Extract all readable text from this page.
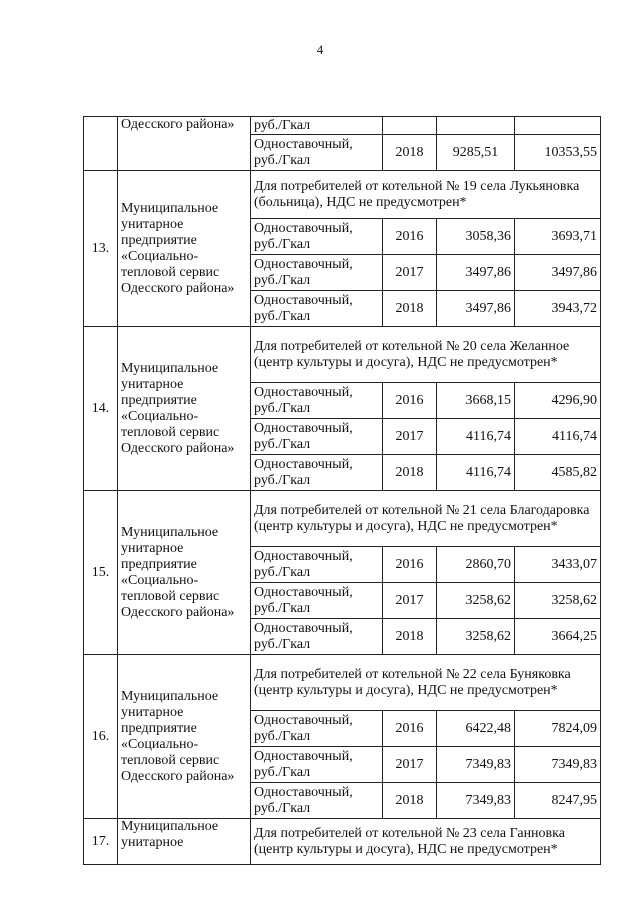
4
	Одесского района»	руб./Гкал			
		Одноставочный, руб./Гкал	2018	9285,51	10353,55
13.	Муниципальное унитарное предприятие «Социально-тепловой сервис Одесского района»	Для потребителей от котельной № 19 села Лукьяновка (больница), НДС не предусмотрен*			
		Одноставочный, руб./Гкал	2016	3058,36	3693,71
		Одноставочный, руб./Гкал	2017	3497,86	3497,86
		Одноставочный, руб./Гкал	2018	3497,86	3943,72
14.	Муниципальное унитарное предприятие «Социально-тепловой сервис Одесского района»	Для потребителей от котельной № 20 села Желанное (центр культуры и досуга), НДС не предусмотрен*			
		Одноставочный, руб./Гкал	2016	3668,15	4296,90
		Одноставочный, руб./Гкал	2017	4116,74	4116,74
		Одноставочный, руб./Гкал	2018	4116,74	4585,82
15.	Муниципальное унитарное предприятие «Социально-тепловой сервис Одесского района»	Для потребителей от котельной № 21 села Благодаровка (центр культуры и досуга), НДС не предусмотрен*			
		Одноставочный, руб./Гкал	2016	2860,70	3433,07
		Одноставочный, руб./Гкал	2017	3258,62	3258,62
		Одноставочный, руб./Гкал	2018	3258,62	3664,25
16.	Муниципальное унитарное предприятие «Социально-тепловой сервис Одесского района»	Для потребителей от котельной № 22 села Буняковка (центр культуры и досуга), НДС не предусмотрен*			
		Одноставочный, руб./Гкал	2016	6422,48	7824,09
		Одноставочный, руб./Гкал	2017	7349,83	7349,83
		Одноставочный, руб./Гкал	2018	7349,83	8247,95
17.	Муниципальное унитарное	Для потребителей от котельной № 23 села Ганновка (центр культуры и досуга), НДС не предусмотрен*			
